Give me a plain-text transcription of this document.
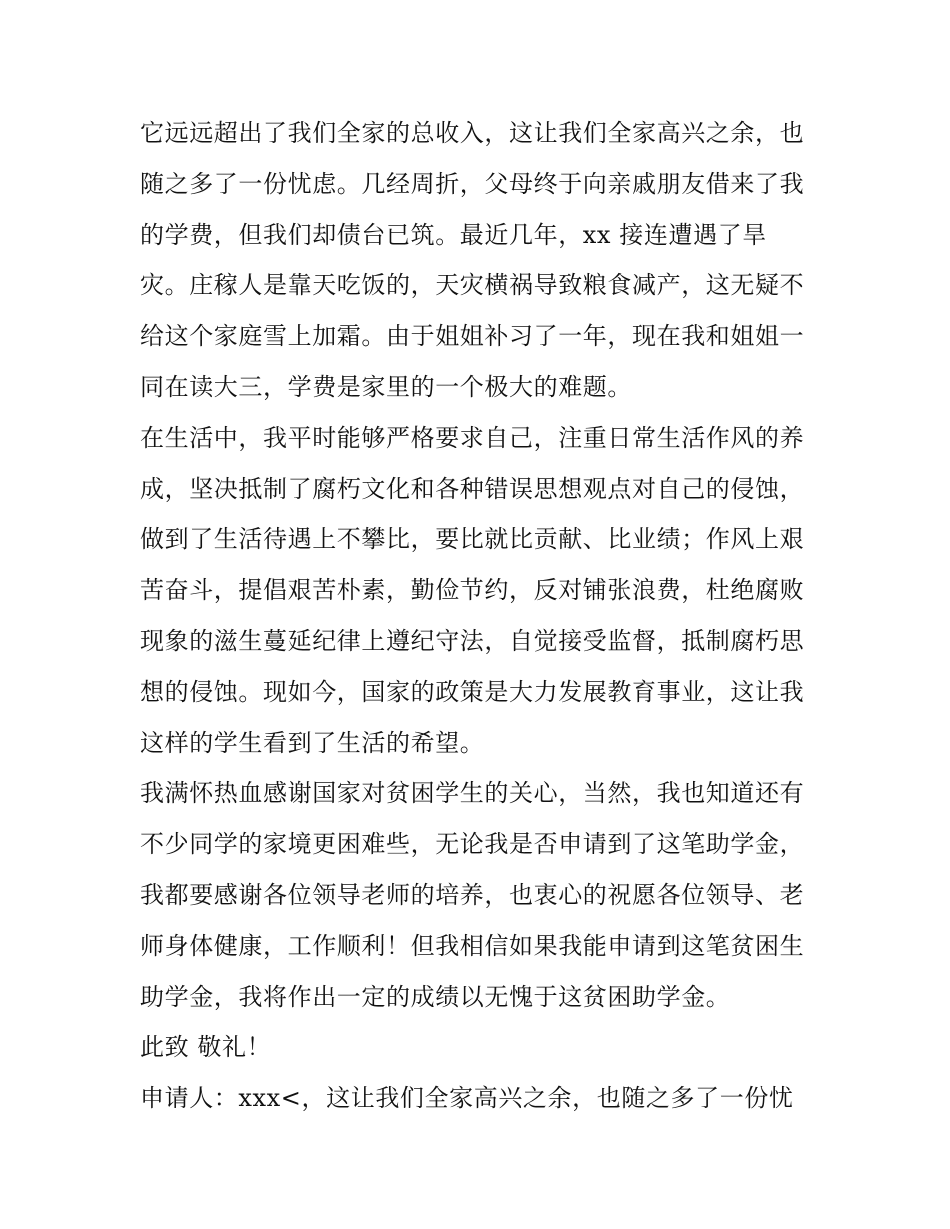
它远远超出了我们全家的总收入，这让我们全家高兴之余，也
随之多了一份忧虑。几经周折，父母终于向亲戚朋友借来了我
的学费，但我们却债台已筑。最近几年，xx 接连遭遇了旱
灾。庄稼人是靠天吃饭的，天灾横祸导致粮食减产，这无疑不
给这个家庭雪上加霜。由于姐姐补习了一年，现在我和姐姐一
同在读大三，学费是家里的一个极大的难题。
在生活中，我平时能够严格要求自己，注重日常生活作风的养
成，坚决抵制了腐朽文化和各种错误思想观点对自己的侵蚀，
做到了生活待遇上不攀比，要比就比贡献、比业绩；作风上艰
苦奋斗，提倡艰苦朴素，勤俭节约，反对铺张浪费，杜绝腐败
现象的滋生蔓延纪律上遵纪守法，自觉接受监督，抵制腐朽思
想的侵蚀。现如今，国家的政策是大力发展教育事业，这让我
这样的学生看到了生活的希望。
我满怀热血感谢国家对贫困学生的关心，当然，我也知道还有
不少同学的家境更困难些，无论我是否申请到了这笔助学金，
我都要感谢各位领导老师的培养，也衷心的祝愿各位领导、老
师身体健康，工作顺利！但我相信如果我能申请到这笔贫困生
助学金，我将作出一定的成绩以无愧于这贫困助学金。
此致 敬礼！
申请人：xxx<，这让我们全家高兴之余，也随之多了一份忧
